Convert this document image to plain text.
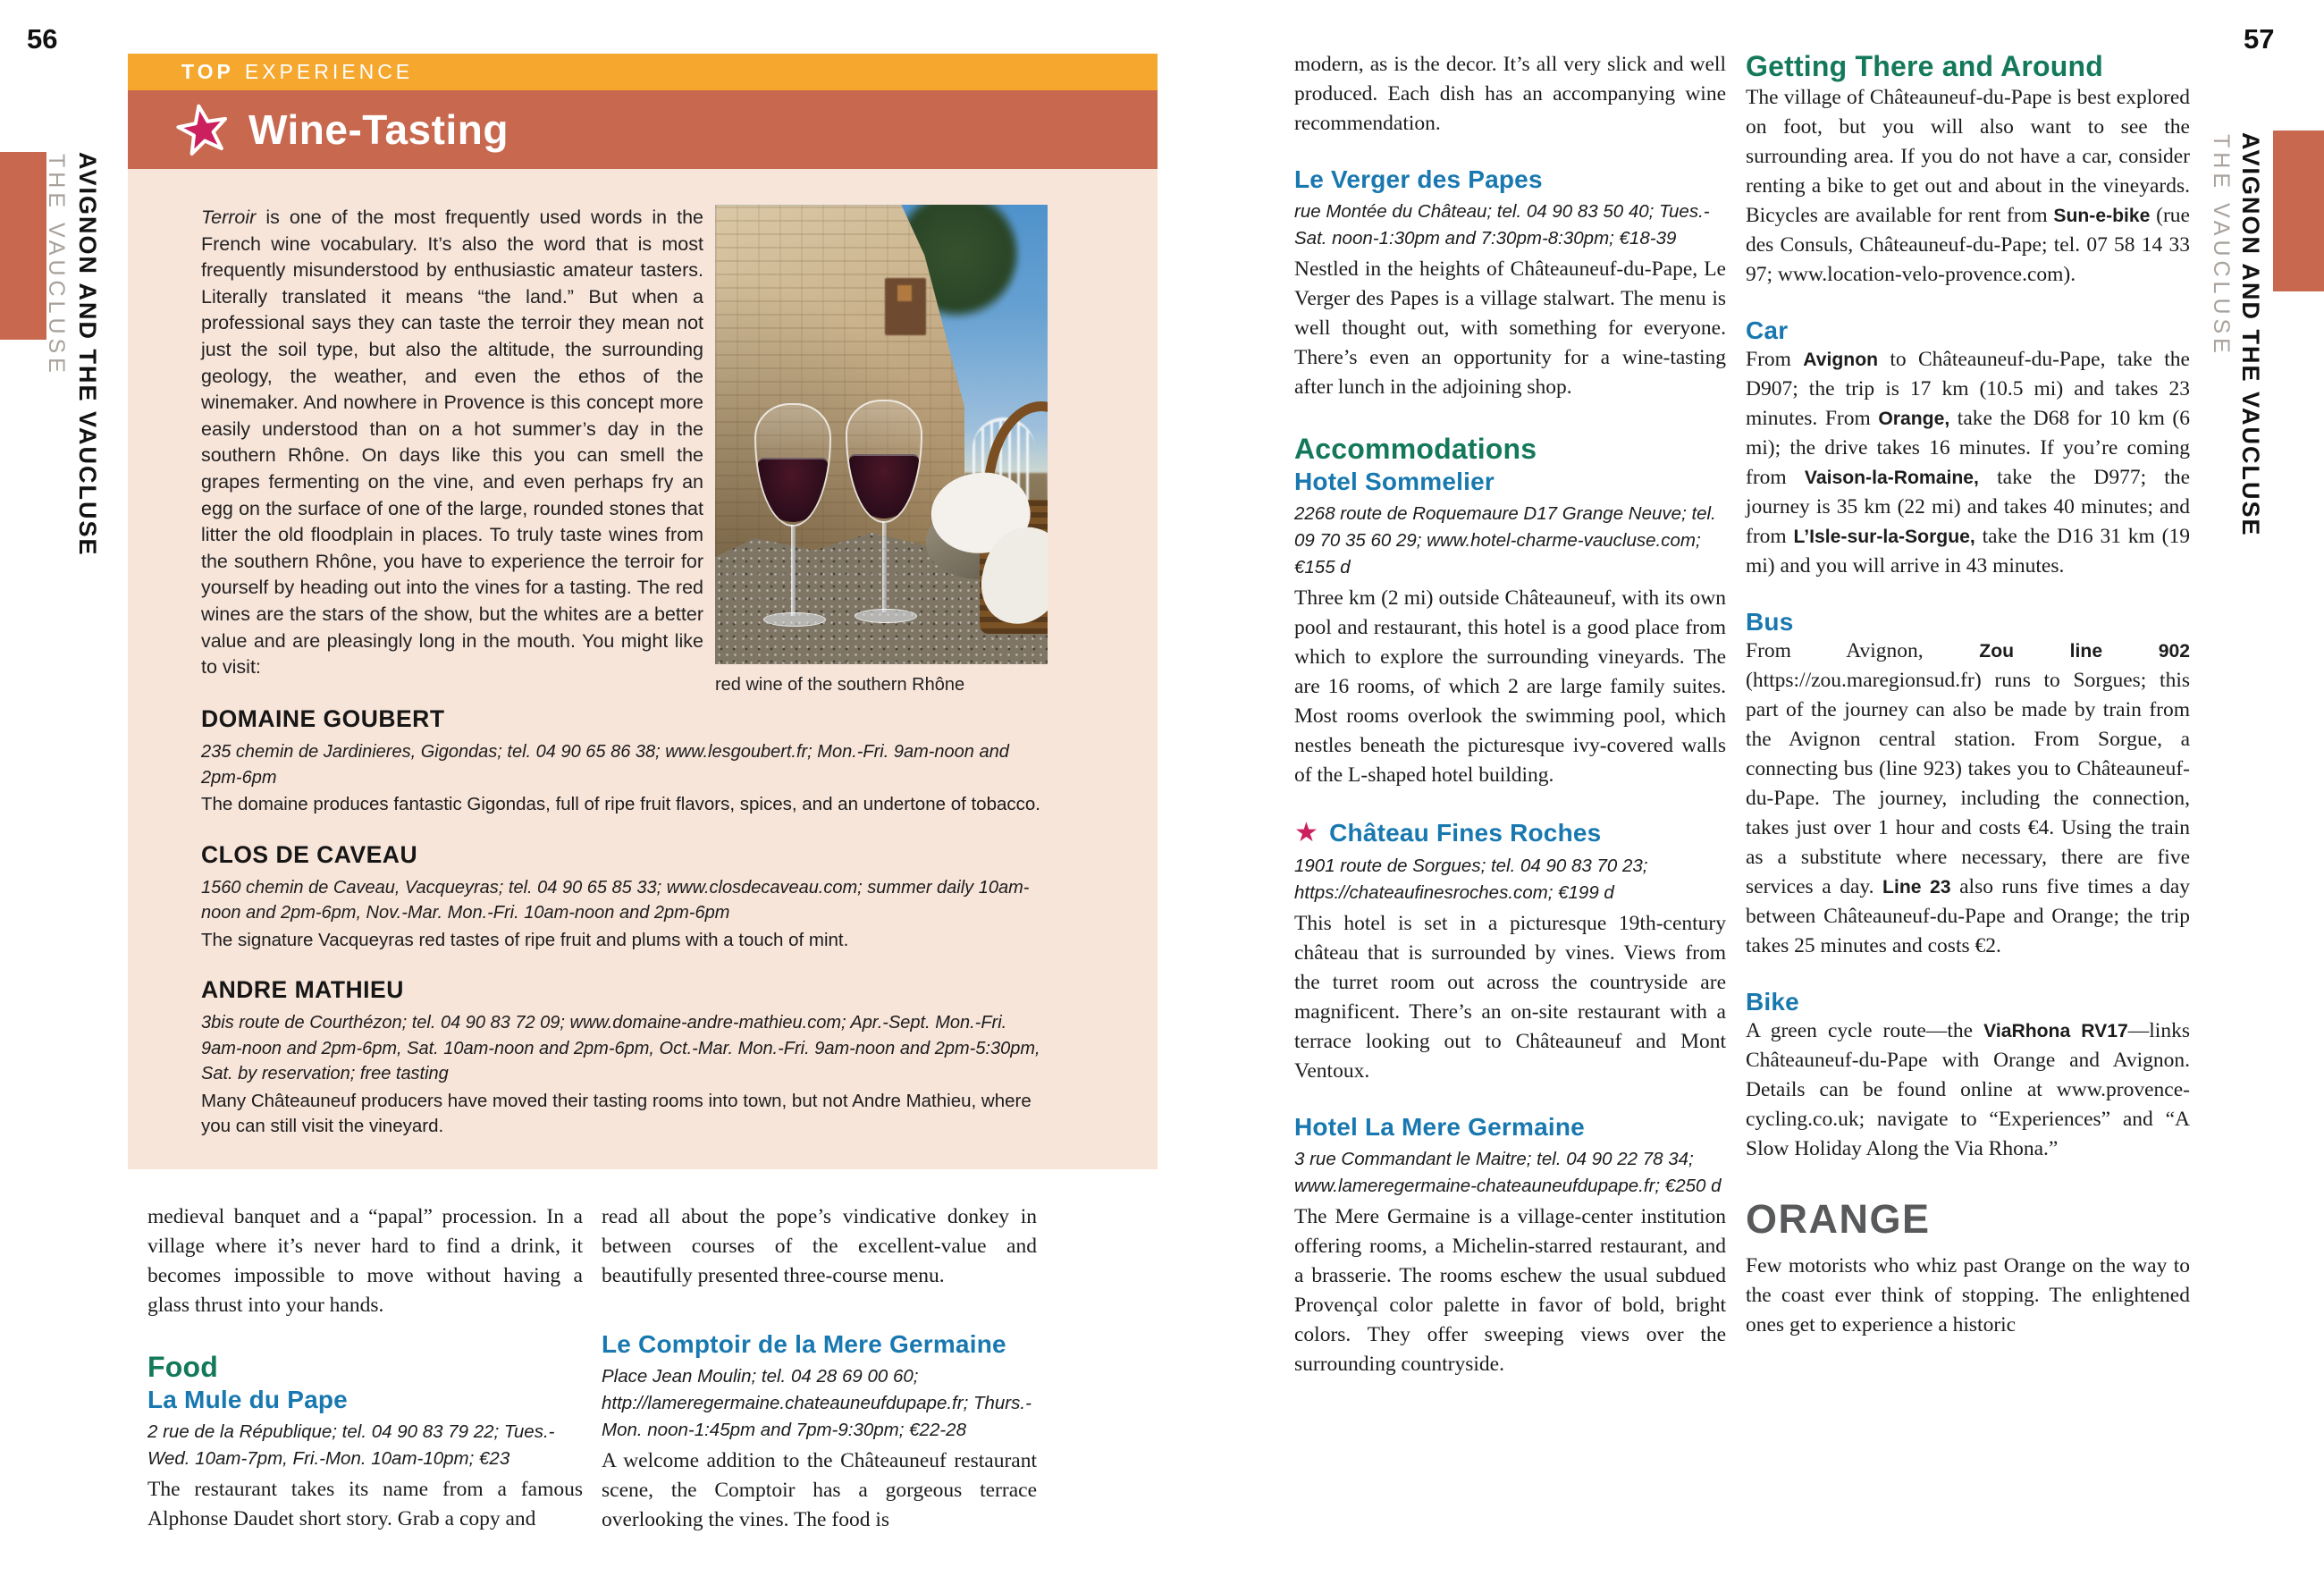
56	57
AVIGNON AND THE VAUCLUSE
THE VAUCLUSE	AVIGNON AND THE VAUCLUSE
THE VAUCLUSE
TOP EXPERIENCE
Wine-Tasting

Terroir is one of the most frequently used words in the French wine vocabulary. It’s also the word that is most frequently misunderstood by enthusiastic amateur tasters. Literally translated it means “the land.” But when a professional says they can taste the terroir they mean not just the soil type, but also the altitude, the surrounding geology, the weather, and even the ethos of the winemaker. And nowhere in Provence is this concept more easily understood than on a hot summer’s day in the southern Rhône. On days like this you can smell the grapes fermenting on the vine, and even perhaps fry an egg on the surface of one of the large, rounded stones that litter the old floodplain in places. To truly taste wines from the southern Rhône, you have to experience the terroir for yourself by heading out into the vines for a tasting. The red wines are the stars of the show, but the whites are a better value and are pleasingly long in the mouth. You might like to visit:

red wine of the southern Rhône
DOMAINE GOUBERT
235 chemin de Jardinieres, Gigondas; tel. 04 90 65 86 38; www.lesgoubert.fr; Mon.-Fri. 9am-noon and 2pm-6pm
The domaine produces fantastic Gigondas, full of ripe fruit flavors, spices, and an undertone of tobacco.
CLOS DE CAVEAU
1560 chemin de Caveau, Vacqueyras; tel. 04 90 65 85 33; www.closdecaveau.com; summer daily 10am-noon and 2pm-6pm, Nov.-Mar. Mon.-Fri. 10am-noon and 2pm-6pm
The signature Vacqueyras red tastes of ripe fruit and plums with a touch of mint.
ANDRE MATHIEU
3bis route de Courthézon; tel. 04 90 83 72 09; www.domaine-andre-mathieu.com; Apr.-Sept. Mon.-Fri. 9am-noon and 2pm-6pm, Sat. 10am-noon and 2pm-6pm, Oct.-Mar. Mon.-Fri. 9am-noon and 2pm-5:30pm, Sat. by reservation; free tasting
Many Châteauneuf producers have moved their tasting rooms into town, but not Andre Mathieu, where you can still visit the vineyard.

medieval banquet and a “papal” procession. In a village where it’s never hard to find a drink, it becomes impossible to move without having a glass thrust into your hands.

Food
La Mule du Pape

2 rue de la République; tel. 04 90 83 79 22; Tues.-Wed. 10am-7pm, Fri.-Mon. 10am-10pm; €23

The restaurant takes its name from a famous Alphonse Daudet short story. Grab a copy and

read all about the pope’s vindicative donkey in between courses of the excellent-value and beautifully presented three-course menu.

Le Comptoir de la Mere Germaine

Place Jean Moulin; tel. 04 28 69 00 60; http://lameregermaine.chateauneufdupape.fr; Thurs.-Mon. noon-1:45pm and 7pm-9:30pm; €22-28

A welcome addition to the Châteauneuf restaurant scene, the Comptoir has a gorgeous terrace overlooking the vines. The food is

modern, as is the decor. It’s all very slick and well produced. Each dish has an accompanying wine recommendation.

Le Verger des Papes

rue Montée du Château; tel. 04 90 83 50 40; Tues.-Sat. noon-1:30pm and 7:30pm-8:30pm; €18-39

Nestled in the heights of Châteauneuf-du-Pape, Le Verger des Papes is a village stalwart. The menu is well thought out, with something for everyone. There’s even an opportunity for a wine-tasting after lunch in the adjoining shop.

Accommodations
Hotel Sommelier

2268 route de Roquemaure D17 Grange Neuve; tel. 09 70 35 60 29; www.hotel-charme-vaucluse.com; €155 d

Three km (2 mi) outside Châteauneuf, with its own pool and restaurant, this hotel is a good place from which to explore the surrounding vineyards. The are 16 rooms, of which 2 are large family suites. Most rooms overlook the swimming pool, which nestles beneath the picturesque ivy-covered walls of the L-shaped hotel building.

★ Château Fines Roches

1901 route de Sorgues; tel. 04 90 83 70 23; https://chateaufinesroches.com; €199 d

This hotel is set in a picturesque 19th-century château that is surrounded by vines. Views from the turret room out across the countryside are magnificent. There’s an on-site restaurant with a terrace looking out to Châteauneuf and Mont Ventoux.

Hotel La Mere Germaine

3 rue Commandant le Maitre; tel. 04 90 22 78 34; www.lameregermaine-chateauneufdupape.fr; €250 d

The Mere Germaine is a village-center institution offering rooms, a Michelin-starred restaurant, and a brasserie. The rooms eschew the usual subdued Provençal color palette in favor of bold, bright colors. They offer sweeping views over the surrounding countryside.

Getting There and Around

The village of Châteauneuf-du-Pape is best explored on foot, but you will also want to see the surrounding area. If you do not have a car, consider renting a bike to get out and about in the vineyards. Bicycles are available for rent from Sun-e-bike (rue des Consuls, Châteauneuf-du-Pape; tel. 07 58 14 33 97; www.location-velo-provence.com).

Car

From Avignon to Châteauneuf-du-Pape, take the D907; the trip is 17 km (10.5 mi) and takes 23 minutes. From Orange, take the D68 for 10 km (6 mi); the drive takes 16 minutes. If you’re coming from Vaison-la-Romaine, take the D977; the journey is 35 km (22 mi) and takes 40 minutes; and from L’Isle-sur-la-Sorgue, take the D16 31 km (19 mi) and you will arrive in 43 minutes.

Bus

From Avignon, Zou line 902 (https://zou.maregionsud.fr) runs to Sorgues; this part of the journey can also be made by train from the Avignon central station. From Sorgue, a connecting bus (line 923) takes you to Châteauneuf-du-Pape. The journey, including the connection, takes just over 1 hour and costs €4. Using the train as a substitute where necessary, there are five services a day. Line 23 also runs five times a day between Châteauneuf-du-Pape and Orange; the trip takes 25 minutes and costs €2.

Bike

A green cycle route—the ViaRhona RV17—links Châteauneuf-du-Pape with Orange and Avignon. Details can be found online at www.provence-cycling.co.uk; navigate to “Experiences” and “A Slow Holiday Along the Via Rhona.”

ORANGE

Few motorists who whiz past Orange on the way to the coast ever think of stopping. The enlightened ones get to experience a historic
